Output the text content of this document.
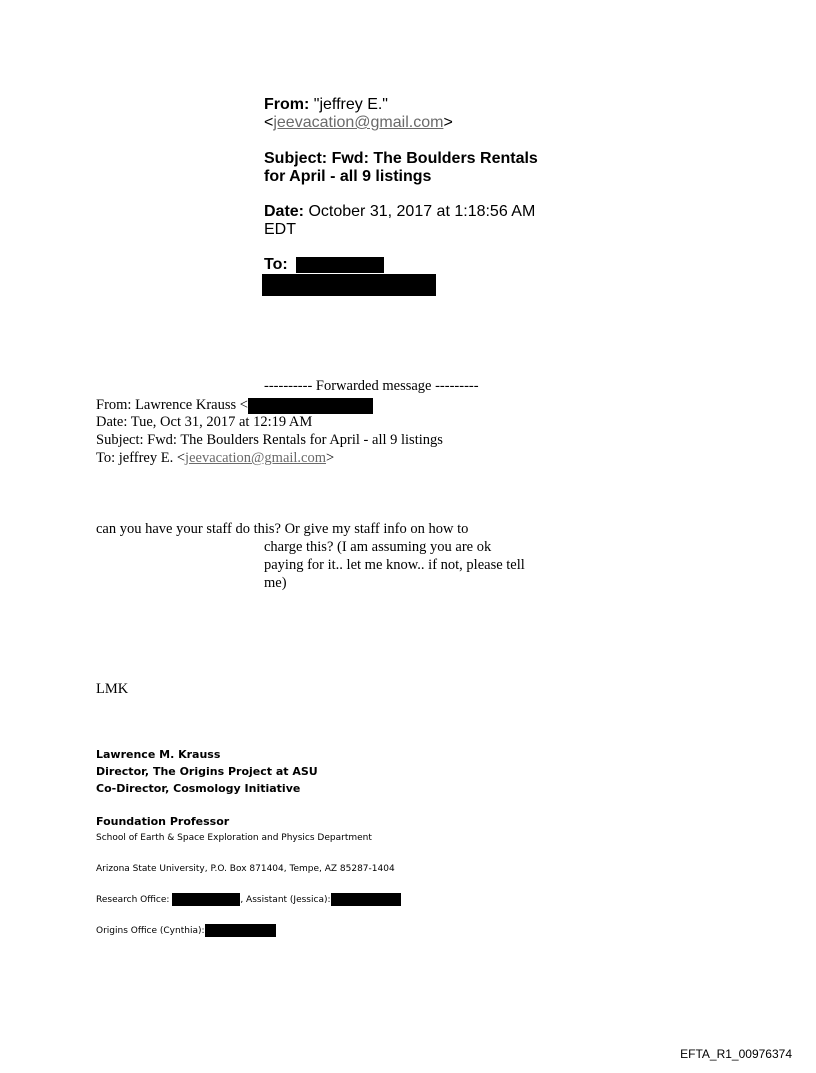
From: "jeffrey E."
<jeevacation@gmail.com>
Subject: Fwd: The Boulders Rentals for April - all 9 listings
Date: October 31, 2017 at 1:18:56 AM EDT
To:
---------- Forwarded message ---------
From: Lawrence Krauss <
Date: Tue, Oct 31, 2017 at 12:19 AM
Subject: Fwd: The Boulders Rentals for April - all 9 listings
To: jeffrey E. <jeevacation@gmail.com>
can you have your staff do this? Or give my staff info on how to
charge this? (I am assuming you are ok
paying for it.. let me know.. if not, please tell
me)
LMK
Lawrence M. Krauss
Director, The Origins Project at ASU
Co-Director, Cosmology Initiative
Foundation Professor
School of Earth & Space Exploration and Physics Department
Arizona State University, P.O. Box 871404, Tempe, AZ 85287-1404
Research Office:	, Assistant (Jessica):
Origins Office (Cynthia):
EFTA_R1_00976374
